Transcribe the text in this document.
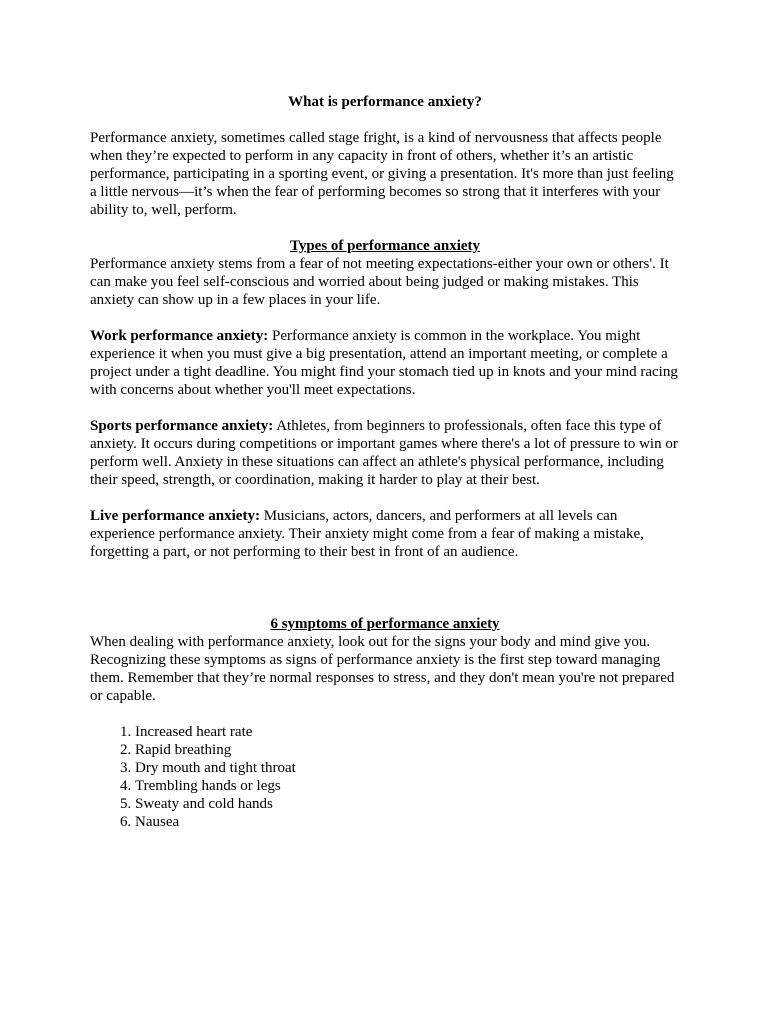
What is performance anxiety?

Performance anxiety, sometimes called stage fright, is a kind of nervousness that affects people when they’re expected to perform in any capacity in front of others, whether it’s an artistic performance, participating in a sporting event, or giving a presentation. It's more than just feeling a little nervous—it’s when the fear of performing becomes so strong that it interferes with your ability to, well, perform.

Types of performance anxiety

Performance anxiety stems from a fear of not meeting expectations-either your own or others'. It can make you feel self-conscious and worried about being judged or making mistakes. This anxiety can show up in a few places in your life.

Work performance anxiety: Performance anxiety is common in the workplace. You might experience it when you must give a big presentation, attend an important meeting, or complete a project under a tight deadline. You might find your stomach tied up in knots and your mind racing with concerns about whether you'll meet expectations.

Sports performance anxiety: Athletes, from beginners to professionals, often face this type of anxiety. It occurs during competitions or important games where there's a lot of pressure to win or perform well. Anxiety in these situations can affect an athlete's physical performance, including their speed, strength, or coordination, making it harder to play at their best.

Live performance anxiety: Musicians, actors, dancers, and performers at all levels can experience performance anxiety. Their anxiety might come from a fear of making a mistake, forgetting a part, or not performing to their best in front of an audience.

6 symptoms of performance anxiety

When dealing with performance anxiety, look out for the signs your body and mind give you. Recognizing these symptoms as signs of performance anxiety is the first step toward managing them. Remember that they’re normal responses to stress, and they don't mean you're not prepared or capable.

1. Increased heart rate
2. Rapid breathing
3. Dry mouth and tight throat
4. Trembling hands or legs
5. Sweaty and cold hands
6. Nausea
